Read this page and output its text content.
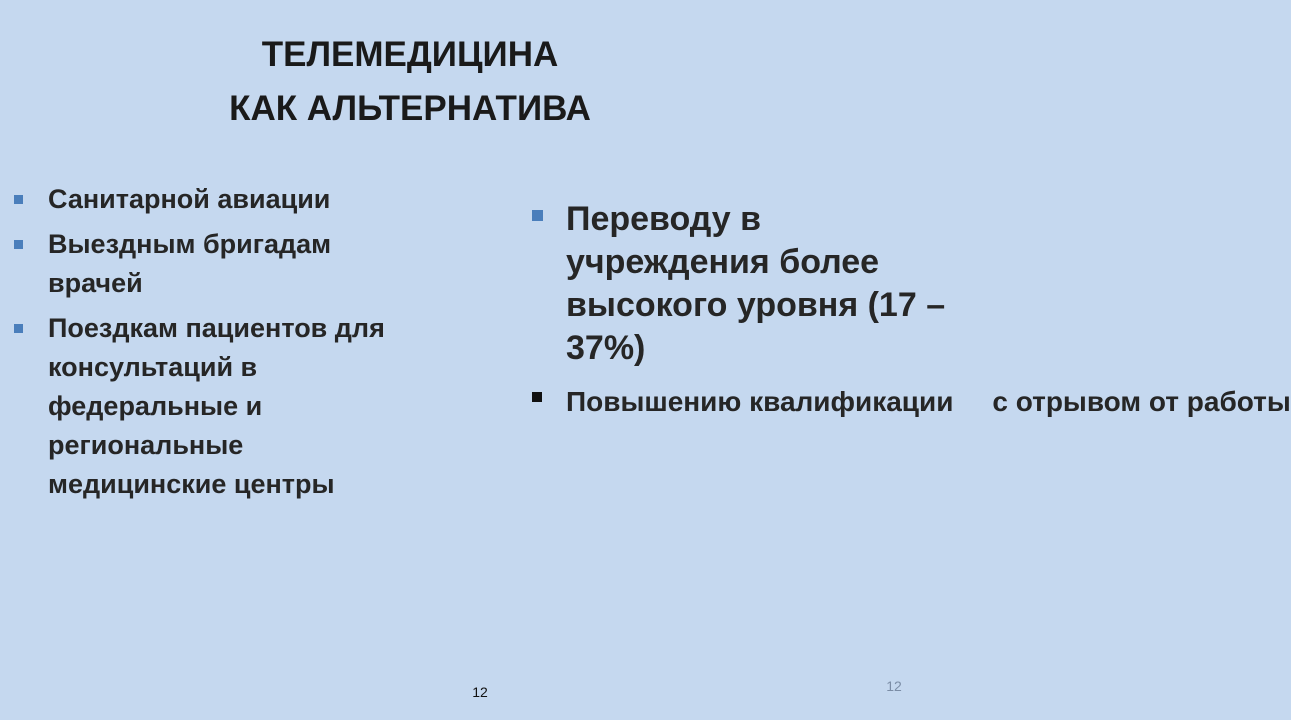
ТЕЛЕМЕДИЦИНА
КАК АЛЬТЕРНАТИВА
Санитарной авиации
Выездным бригадам врачей
Поездкам пациентов для консультаций в федеральные и региональные медицинские центры
Переводу в учреждения более высокого уровня (17 – 37%)
Повышению квалификации     с отрывом от работы
12	12
